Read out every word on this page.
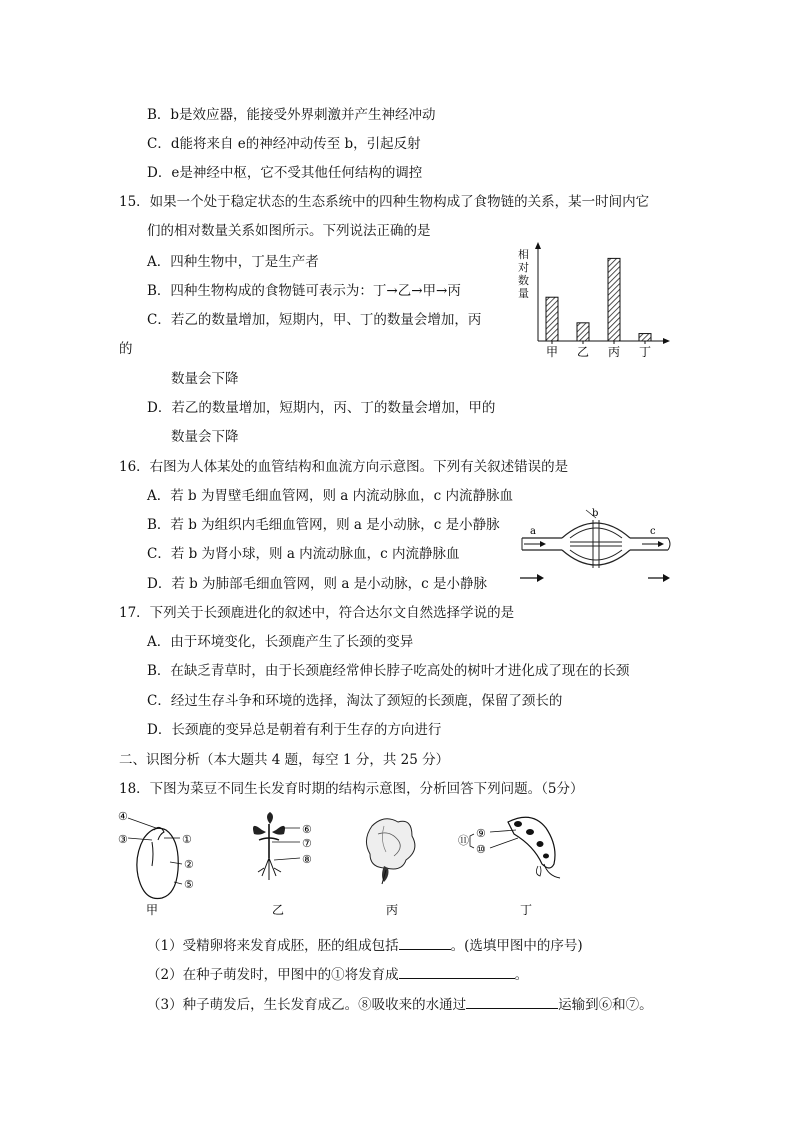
B．b是效应器，能接受外界刺激并产生神经冲动
C．d能将来自 e的神经冲动传至 b，引起反射
D．e是神经中枢，它不受其他任何结构的调控
15．如果一个处于稳定状态的生态系统中的四种生物构成了食物链的关系，某一时间内它
们的相对数量关系如图所示。下列说法正确的是
A．四种生物中，丁是生产者
B．四种生物构成的食物链可表示为：丁→乙→甲→丙
C．若乙的数量增加，短期内，甲、丁的数量会增加，丙
的
数量会下降
D．若乙的数量增加，短期内，丙、丁的数量会增加，甲的
数量会下降
相对数量
甲 乙 丙 丁
16．右图为人体某处的血管结构和血流方向示意图。下列有关叙述错误的是
A．若 b 为胃壁毛细血管网，则 a 内流动脉血，c 内流静脉血
B．若 b 为组织内毛细血管网，则 a 是小动脉，c 是小静脉
C．若 b 为肾小球，则 a 内流动脉血，c 内流静脉血
D．若 b 为肺部毛细血管网，则 a 是小动脉，c 是小静脉
a
b
c
17．下列关于长颈鹿进化的叙述中，符合达尔文自然选择学说的是
A．由于环境变化，长颈鹿产生了长颈的变异
B．在缺乏青草时，由于长颈鹿经常伸长脖子吃高处的树叶才进化成了现在的长颈
C．经过生存斗争和环境的选择，淘汰了颈短的长颈鹿，保留了颈长的
D．长颈鹿的变异总是朝着有利于生存的方向进行
二、识图分析（本大题共 4 题，每空 1 分，共 25 分）
18．下图为菜豆不同生长发育时期的结构示意图，分析回答下列问题。（5分）
④
③	①
②
⑤
⑥
⑦
⑧
⑪
⑨
⑩
甲	乙	丙	丁
（1）受精卵将来发育成胚，胚的组成包括	。(选填甲图中的序号)
（2）在种子萌发时，甲图中的①将发育成	。
（3）种子萌发后，生长发育成乙。⑧吸收来的水通过	运输到⑥和⑦。
